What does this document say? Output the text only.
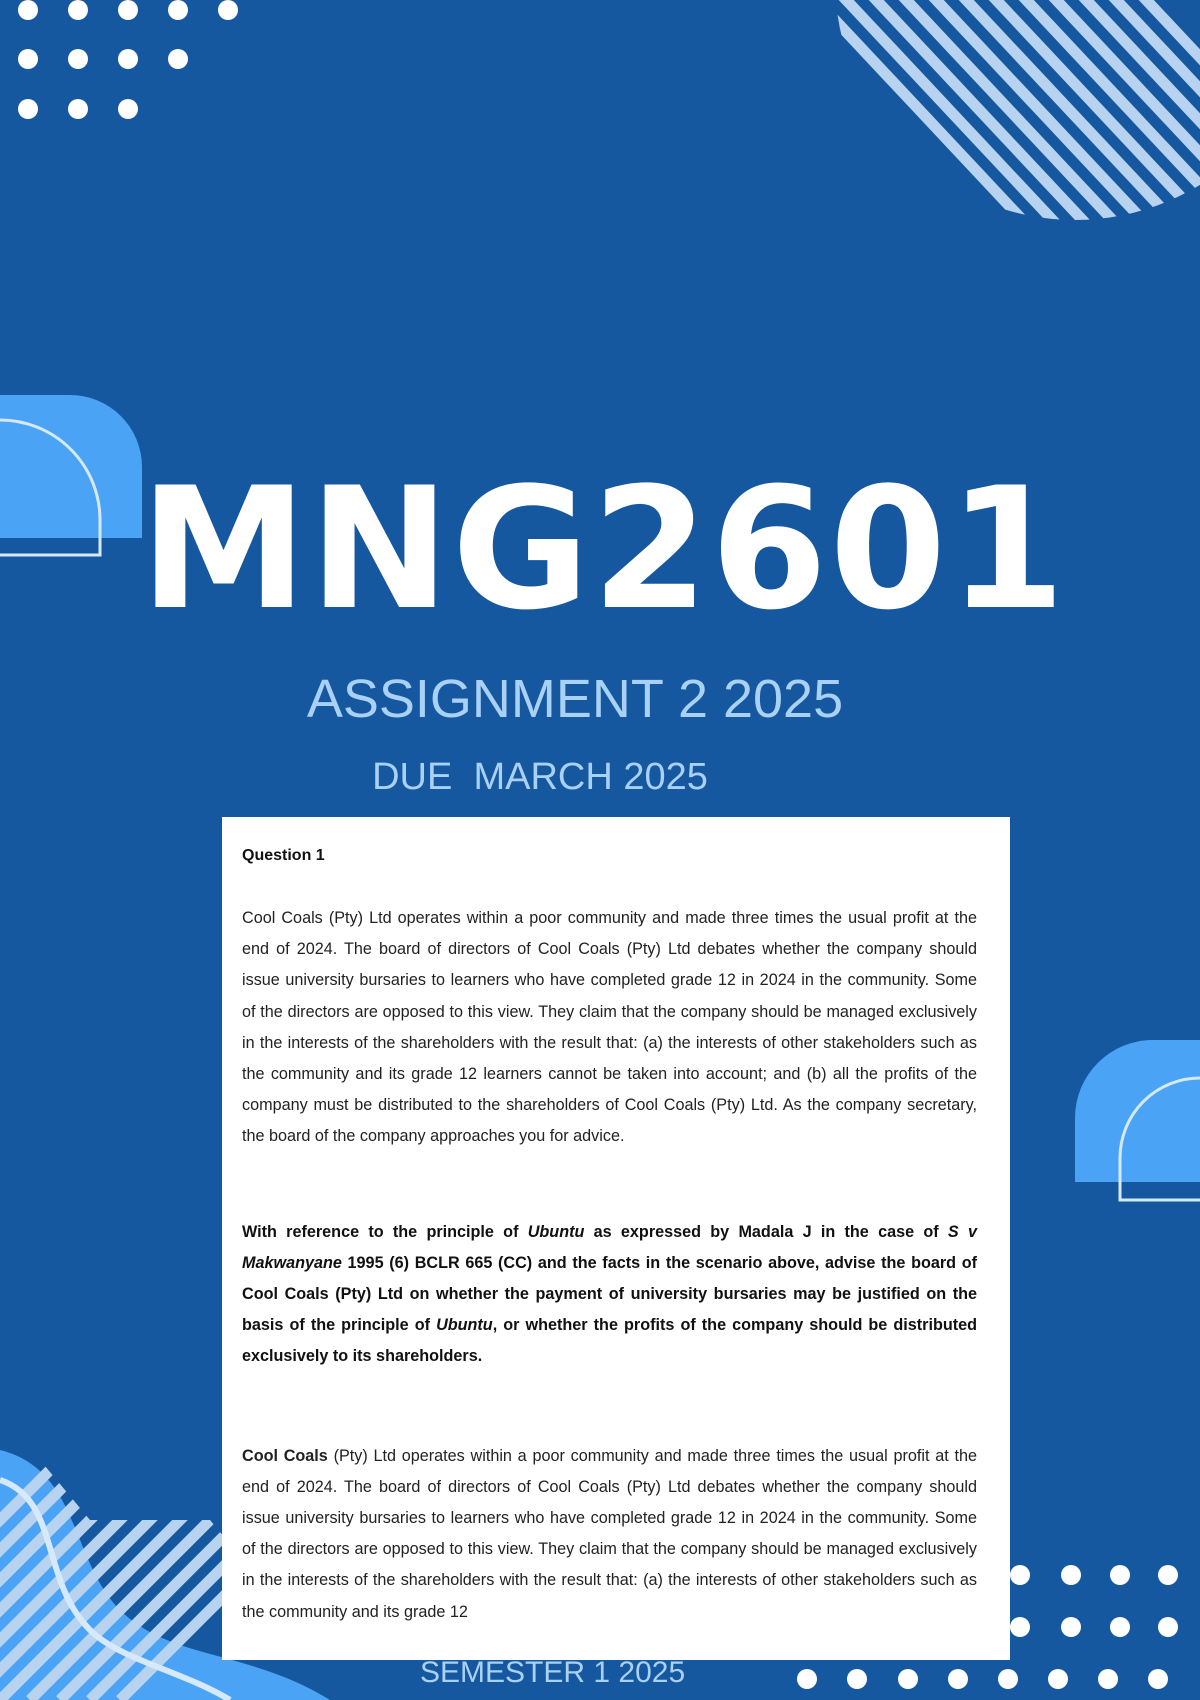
MNG2601
ASSIGNMENT 2 2025
DUE  MARCH 2025

Question 1

Cool Coals (Pty) Ltd operates within a poor community and made three times the usual profit at the end of 2024. The board of directors of Cool Coals (Pty) Ltd debates whether the company should issue university bursaries to learners who have completed grade 12 in 2024 in the community. Some of the directors are opposed to this view. They claim that the company should be managed exclusively in the interests of the shareholders with the result that: (a) the interests of other stakeholders such as the community and its grade 12 learners cannot be taken into account; and (b) all the profits of the company must be distributed to the shareholders of Cool Coals (Pty) Ltd. As the company secretary, the board of the company approaches you for advice.

With reference to the principle of Ubuntu as expressed by Madala J in the case of S v Makwanyane 1995 (6) BCLR 665 (CC) and the facts in the scenario above, advise the board of Cool Coals (Pty) Ltd on whether the payment of university bursaries may be justified on the basis of the principle of Ubuntu, or whether the profits of the company should be distributed exclusively to its shareholders.

Cool Coals (Pty) Ltd operates within a poor community and made three times the usual profit at the end of 2024. The board of directors of Cool Coals (Pty) Ltd debates whether the company should issue university bursaries to learners who have completed grade 12 in 2024 in the community. Some of the directors are opposed to this view. They claim that the company should be managed exclusively in the interests of the shareholders with the result that: (a) the interests of other stakeholders such as the community and its grade 12

SEMESTER 1 2025
